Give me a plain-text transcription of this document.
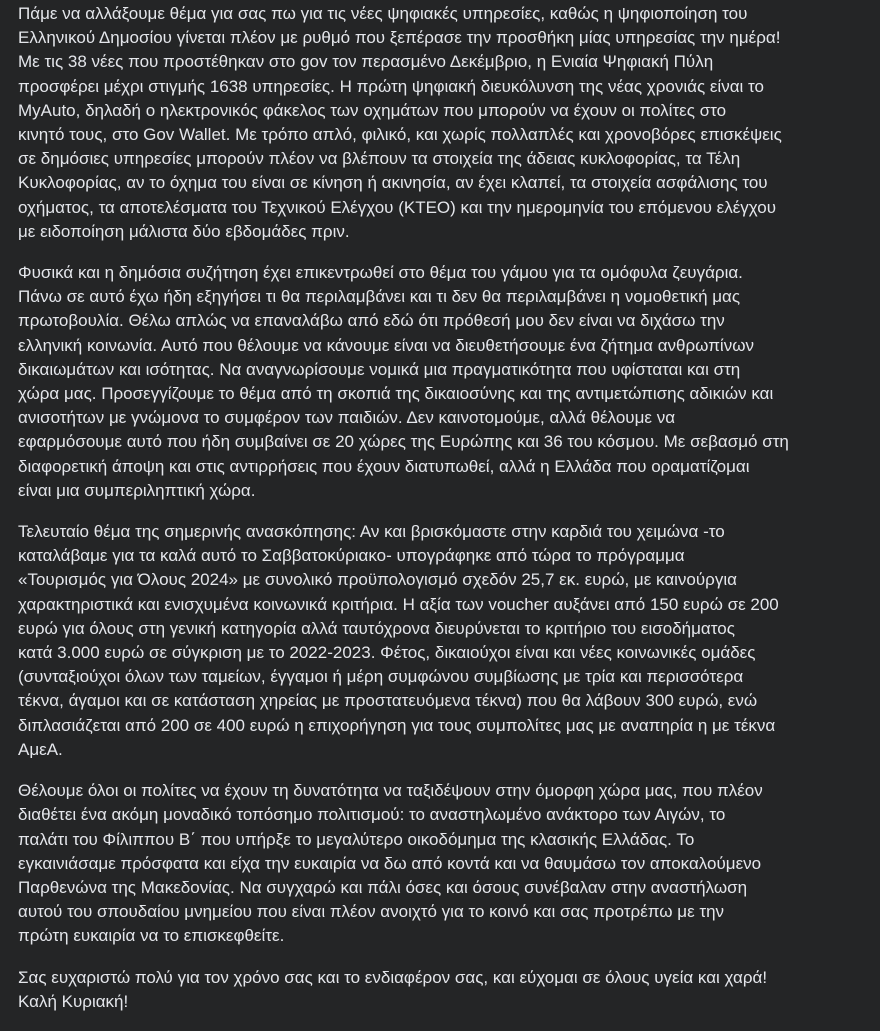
Πάμε να αλλάξουμε θέμα για σας πω για τις νέες ψηφιακές υπηρεσίες, καθώς η ψηφιοποίηση του
Ελληνικού Δημοσίου γίνεται πλέον με ρυθμό που ξεπέρασε την προσθήκη μίας υπηρεσίας την ημέρα!
Με τις 38 νέες που προστέθηκαν στο gov τον περασμένο Δεκέμβριο, η Ενιαία Ψηφιακή Πύλη
προσφέρει μέχρι στιγμής 1638 υπηρεσίες. Η πρώτη ψηφιακή διευκόλυνση της νέας χρονιάς είναι το
MyAuto, δηλαδή ο ηλεκτρονικός φάκελος των οχημάτων που μπορούν να έχουν οι πολίτες στο
κινητό τους, στο Gov Wallet. Με τρόπο απλό, φιλικό, και χωρίς πολλαπλές και χρονοβόρες επισκέψεις
σε δημόσιες υπηρεσίες μπορούν πλέον να βλέπουν τα στοιχεία της άδειας κυκλοφορίας, τα Τέλη
Κυκλοφορίας, αν το όχημα του είναι σε κίνηση ή ακινησία, αν έχει κλαπεί, τα στοιχεία ασφάλισης του
οχήματος, τα αποτελέσματα του Τεχνικού Ελέγχου (ΚΤΕΟ) και την ημερομηνία του επόμενου ελέγχου
με ειδοποίηση μάλιστα δύο εβδομάδες πριν.
Φυσικά και η δημόσια συζήτηση έχει επικεντρωθεί στο θέμα του γάμου για τα ομόφυλα ζευγάρια.
Πάνω σε αυτό έχω ήδη εξηγήσει τι θα περιλαμβάνει και τι δεν θα περιλαμβάνει η νομοθετική μας
πρωτοβουλία. Θέλω απλώς να επαναλάβω από εδώ ότι πρόθεσή μου δεν είναι να διχάσω την
ελληνική κοινωνία. Αυτό που θέλουμε να κάνουμε είναι να διευθετήσουμε ένα ζήτημα ανθρωπίνων
δικαιωμάτων και ισότητας. Να αναγνωρίσουμε νομικά μια πραγματικότητα που υφίσταται και στη
χώρα μας. Προσεγγίζουμε το θέμα από τη σκοπιά της δικαιοσύνης και της αντιμετώπισης αδικιών και
ανισοτήτων με γνώμονα το συμφέρον των παιδιών. Δεν καινοτομούμε, αλλά θέλουμε να
εφαρμόσουμε αυτό που ήδη συμβαίνει σε 20 χώρες της Ευρώπης και 36 του κόσμου. Με σεβασμό στη
διαφορετική άποψη και στις αντιρρήσεις που έχουν διατυπωθεί, αλλά η Ελλάδα που οραματίζομαι
είναι μια συμπεριληπτική χώρα.
Τελευταίο θέμα της σημερινής ανασκόπησης: Αν και βρισκόμαστε στην καρδιά του χειμώνα -το
καταλάβαμε για τα καλά αυτό το Σαββατοκύριακο- υπογράφηκε από τώρα το πρόγραμμα
«Τουρισμός για Όλους 2024» με συνολικό προϋπολογισμό σχεδόν 25,7 εκ. ευρώ, με καινούργια
χαρακτηριστικά και ενισχυμένα κοινωνικά κριτήρια. Η αξία των voucher αυξάνει από 150 ευρώ σε 200
ευρώ για όλους στη γενική κατηγορία αλλά ταυτόχρονα διευρύνεται το κριτήριο του εισοδήματος
κατά 3.000 ευρώ σε σύγκριση με το 2022-2023. Φέτος, δικαιούχοι είναι και νέες κοινωνικές ομάδες
(συνταξιούχοι όλων των ταμείων, έγγαμοι ή μέρη συμφώνου συμβίωσης με τρία και περισσότερα
τέκνα, άγαμοι και σε κατάσταση χηρείας με προστατευόμενα τέκνα) που θα λάβουν 300 ευρώ, ενώ
διπλασιάζεται από 200 σε 400 ευρώ η επιχορήγηση για τους συμπολίτες μας με αναπηρία η με τέκνα
ΑμεΑ.
Θέλουμε όλοι οι πολίτες να έχουν τη δυνατότητα να ταξιδέψουν στην όμορφη χώρα μας, που πλέον
διαθέτει ένα ακόμη μοναδικό τοπόσημο πολιτισμού: το αναστηλωμένο ανάκτορο των Αιγών, το
παλάτι του Φίλιππου Β΄ που υπήρξε το μεγαλύτερο οικοδόμημα της κλασικής Ελλάδας. Το
εγκαινιάσαμε πρόσφατα και είχα την ευκαιρία να δω από κοντά και να θαυμάσω τον αποκαλούμενο
Παρθενώνα της Μακεδονίας. Να συγχαρώ και πάλι όσες και όσους συνέβαλαν στην αναστήλωση
αυτού του σπουδαίου μνημείου που είναι πλέον ανοιχτό για το κοινό και σας προτρέπω με την
πρώτη ευκαιρία να το επισκεφθείτε.
Σας ευχαριστώ πολύ για τον χρόνο σας και το ενδιαφέρον σας, και εύχομαι σε όλους υγεία και χαρά!
Καλή Κυριακή!
